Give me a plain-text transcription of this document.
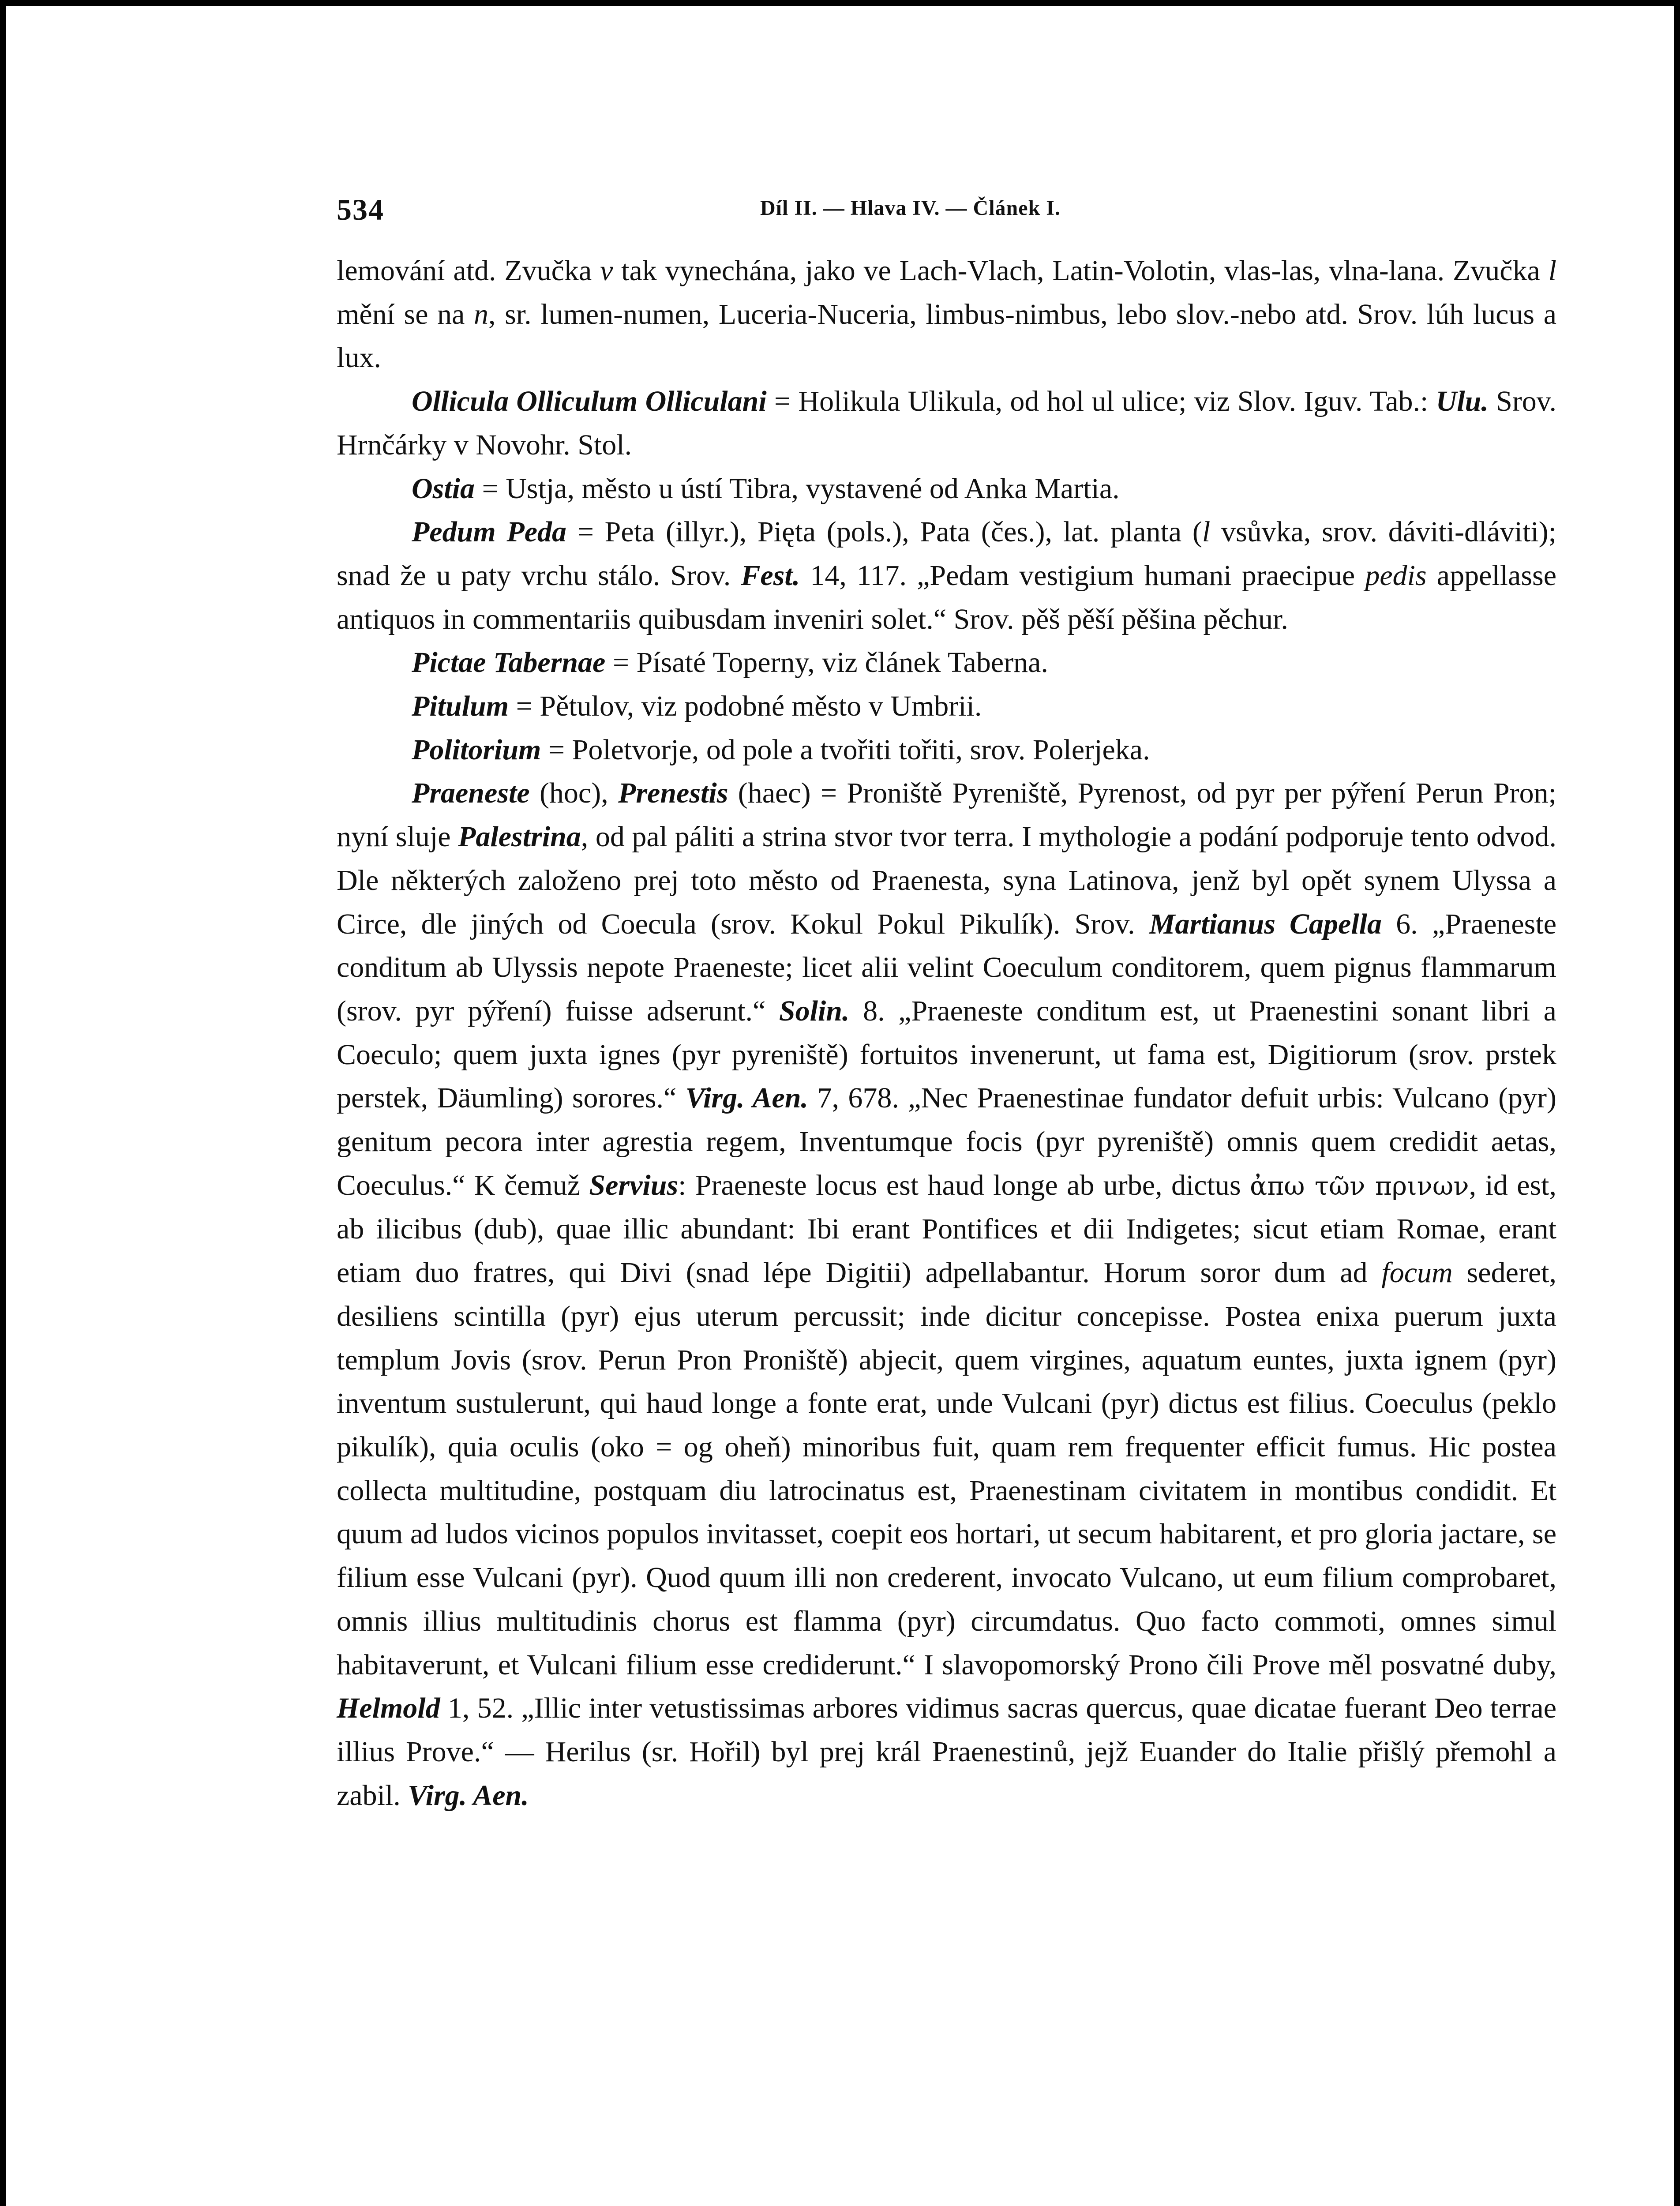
534	Díl II. — Hlava IV. — Článek I.

lemování atd. Zvučka v tak vynechána, jako ve Lach-Vlach, Latin-Volotin, vlas-las, vlna-lana. Zvučka l mění se na n, sr. lumen-numen, Luceria-Nuceria, limbus-nimbus, lebo slov.-nebo atd. Srov. lúh lucus a lux.

Ollicula Olliculum Olliculani = Holikula Ulikula, od hol ul ulice; viz Slov. Iguv. Tab.: Ulu. Srov. Hrnčárky v Novohr. Stol.

Ostia = Ustja, město u ústí Tibra, vystavené od Anka Martia.

Pedum Peda = Peta (illyr.), Pięta (pols.), Pata (čes.), lat. planta (l vsůvka, srov. dáviti-dláviti); snad že u paty vrchu stálo. Srov. Fest. 14, 117. „Pedam vestigium humani praecipue pedis appellasse antiquos in commentariis quibusdam inveniri solet.“ Srov. pěš pěší pěšina pěchur.

Pictae Tabernae = Písaté Toperny, viz článek Taberna.

Pitulum = Pětulov, viz podobné město v Umbrii.

Politorium = Poletvorje, od pole a tvořiti tořiti, srov. Polerjeka.

Praeneste (hoc), Prenestis (haec) = Proniště Pyreniště, Pyrenost, od pyr per pýření Perun Pron; nyní sluje Palestrina, od pal páliti a strina stvor tvor terra. I mythologie a podání podporuje tento odvod. Dle některých založeno prej toto město od Praenesta, syna Latinova, jenž byl opět synem Ulyssa a Circe, dle jiných od Coecula (srov. Kokul Pokul Pikulík). Srov. Martianus Capella 6. „Praeneste conditum ab Ulyssis nepote Praeneste; licet alii velint Coeculum conditorem, quem pignus flammarum (srov. pyr pýření) fuisse adserunt.“ Solin. 8. „Praeneste conditum est, ut Praenestini sonant libri a Coeculo; quem juxta ignes (pyr pyreniště) fortuitos invenerunt, ut fama est, Digitiorum (srov. prstek perstek, Däumling) sorores.“ Virg. Aen. 7, 678. „Nec Praenestinae fundator defuit urbis: Vulcano (pyr) genitum pecora inter agrestia regem, Inventumque focis (pyr pyreniště) omnis quem credidit aetas, Coeculus.“ K čemuž Servius: Praeneste locus est haud longe ab urbe, dictus ἀπω τῶν πρινων, id est, ab ilicibus (dub), quae illic abundant: Ibi erant Pontifices et dii Indigetes; sicut etiam Romae, erant etiam duo fratres, qui Divi (snad lépe Digitii) adpellabantur. Horum soror dum ad focum sederet, desiliens scintilla (pyr) ejus uterum percussit; inde dicitur concepisse. Postea enixa puerum juxta templum Jovis (srov. Perun Pron Proniště) abjecit, quem virgines, aquatum euntes, juxta ignem (pyr) inventum sustulerunt, qui haud longe a fonte erat, unde Vulcani (pyr) dictus est filius. Coeculus (peklo pikulík), quia oculis (oko = og oheň) minoribus fuit, quam rem frequenter efficit fumus. Hic postea collecta multitudine, postquam diu latrocinatus est, Praenestinam civitatem in montibus condidit. Et quum ad ludos vicinos populos invitasset, coepit eos hortari, ut secum habitarent, et pro gloria jactare, se filium esse Vulcani (pyr). Quod quum illi non crederent, invocato Vulcano, ut eum filium comprobaret, omnis illius multitudinis chorus est flamma (pyr) circumdatus. Quo facto commoti, omnes simul habitaverunt, et Vulcani filium esse crediderunt.“ I slavopomorský Prono čili Prove měl posvatné duby, Helmold 1, 52. „Illic inter vetustissimas arbores vidimus sacras quercus, quae dicatae fuerant Deo terrae illius Prove.“ — Herilus (sr. Hořil) byl prej král Praenestinů, jejž Euander do Italie přišlý přemohl a zabil. Virg. Aen.
